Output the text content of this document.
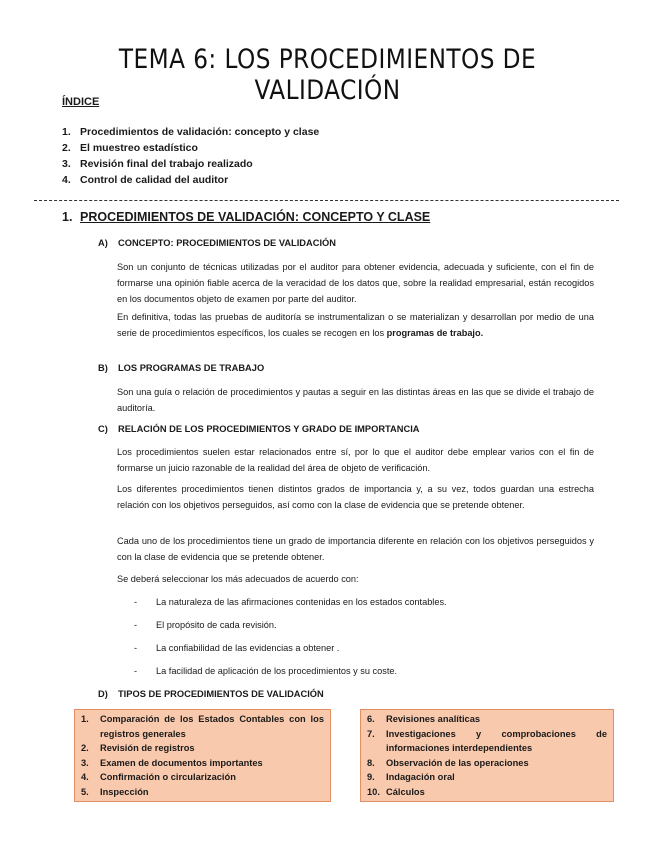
TEMA 6: LOS PROCEDIMIENTOS DE VALIDACIÓN
ÍNDICE
1. Procedimientos de validación: concepto y clase
2. El muestreo estadístico
3. Revisión final del trabajo realizado
4. Control de calidad del auditor
1. PROCEDIMIENTOS DE VALIDACIÓN: CONCEPTO Y CLASE
A)	CONCEPTO: PROCEDIMIENTOS DE VALIDACIÓN

Son un conjunto de técnicas utilizadas por el auditor para obtener evidencia, adecuada y suficiente, con el fin de formarse una opinión fiable acerca de la veracidad de los datos que, sobre la realidad empresarial, están recogidos en los documentos objeto de examen por parte del auditor.

En definitiva, todas las pruebas de auditoría se instrumentalizan o se materializan y desarrollan por medio de una serie de procedimientos específicos, los cuales se recogen en los programas de trabajo.

B)	LOS PROGRAMAS DE TRABAJO

Son una guía o relación de procedimientos y pautas a seguir en las distintas áreas en las que se divide el trabajo de auditoría.

C)	RELACIÓN DE LOS PROCEDIMIENTOS Y GRADO DE IMPORTANCIA

Los procedimientos suelen estar relacionados entre sí, por lo que el auditor debe emplear varios con el fin de formarse un juicio razonable de la realidad del área de objeto de verificación.

Los diferentes procedimientos tienen distintos grados de importancia y, a su vez, todos guardan una estrecha relación con los objetivos perseguidos, así como con la clase de evidencia que se pretende obtener.

Cada uno de los procedimientos tiene un grado de importancia diferente en relación con los objetivos perseguidos y con la clase de evidencia que se pretende obtener.

Se deberá seleccionar los más adecuados de acuerdo con:

-	La naturaleza de las afirmaciones contenidas en los estados contables.
-	El propósito de cada revisión.
-	La confiabilidad de las evidencias a obtener .
-	La facilidad de aplicación de los procedimientos y su coste.
D)	TIPOS DE PROCEDIMIENTOS DE VALIDACIÓN
1.	Comparación de los Estados Contables con los registros generales
2.	Revisión de registros
3.	Examen de documentos importantes
4.	Confirmación o circularización
5.	Inspección
6.	Revisiones analíticas
7.	Investigaciones y comprobaciones de informaciones interdependientes
8.	Observación de las operaciones
9.	Indagación oral
10. Cálculos
